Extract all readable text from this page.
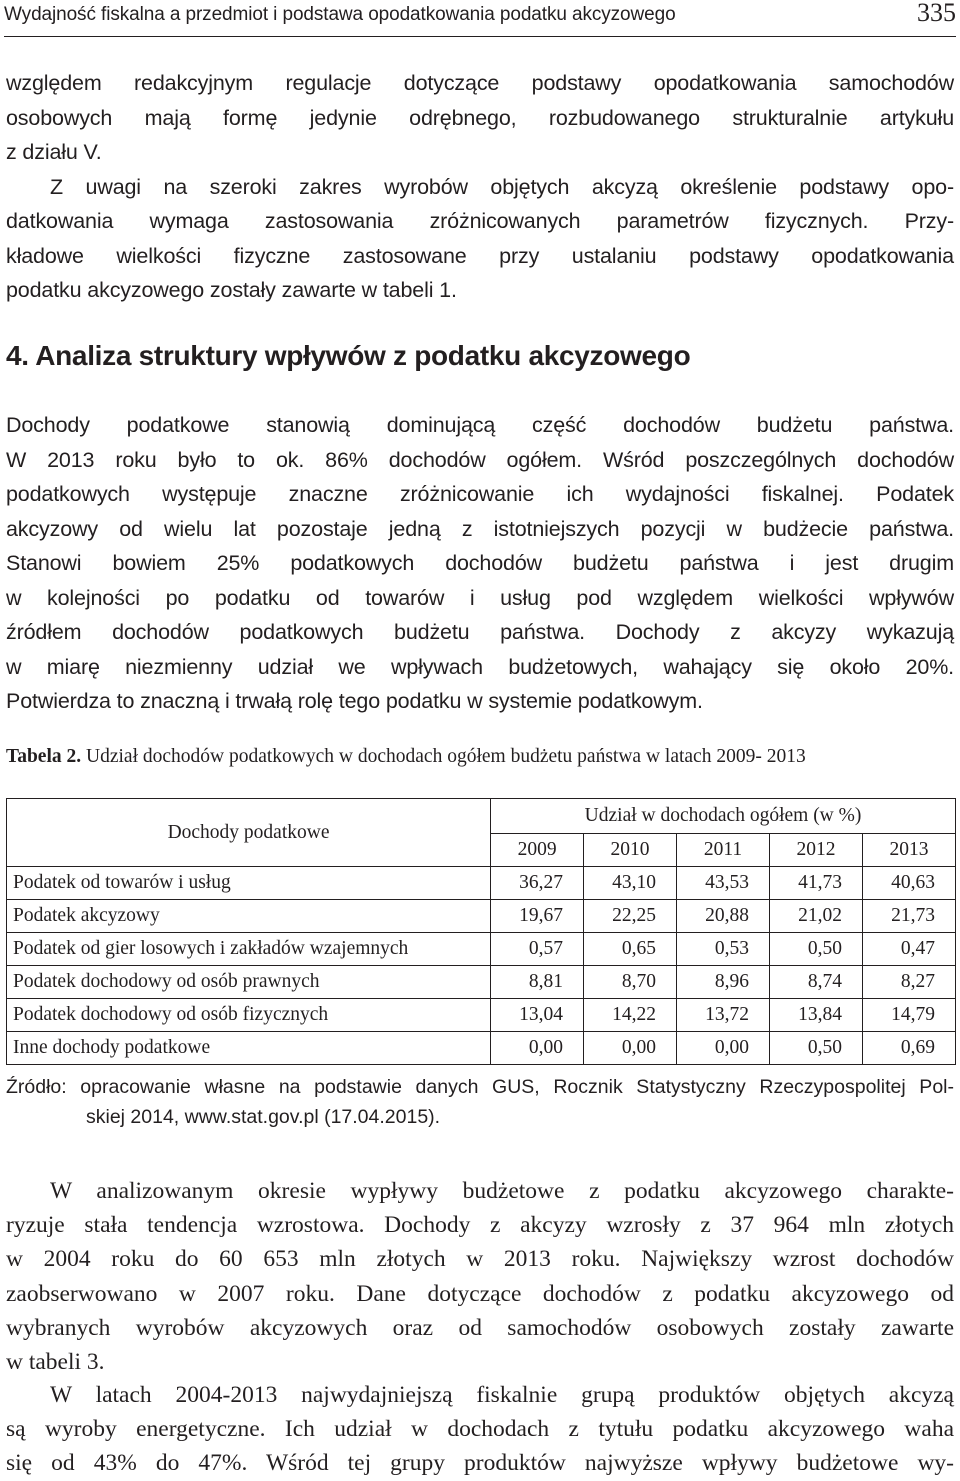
Wydajność fiskalna a przedmiot i podstawa opodatkowania podatku akcyzowego	335
względem redakcyjnym regulacje dotyczące podstawy opodatkowania samochodów
osobowych mają formę jedynie odrębnego, rozbudowanego strukturalnie artykułu
z działu V.
Z uwagi na szeroki zakres wyrobów objętych akcyzą określenie podstawy opo-
datkowania wymaga zastosowania zróżnicowanych parametrów fizycznych. Przy-
kładowe wielkości fizyczne zastosowane przy ustalaniu podstawy opodatkowania
podatku akcyzowego zostały zawarte w tabeli 1.
4. Analiza struktury wpływów z podatku akcyzowego
Dochody podatkowe stanowią dominującą część dochodów budżetu państwa.
W 2013 roku było to ok. 86% dochodów ogółem. Wśród poszczególnych dochodów
podatkowych występuje znaczne zróżnicowanie ich wydajności fiskalnej. Podatek
akcyzowy od wielu lat pozostaje jedną z istotniejszych pozycji w budżecie państwa.
Stanowi bowiem 25% podatkowych dochodów budżetu państwa i jest drugim
w kolejności po podatku od towarów i usług pod względem wielkości wpływów
źródłem dochodów podatkowych budżetu państwa. Dochody z akcyzy wykazują
w miarę niezmienny udział we wpływach budżetowych, wahający się około 20%.
Potwierdza to znaczną i trwałą rolę tego podatku w systemie podatkowym.
Tabela 2. Udział dochodów podatkowych w dochodach ogółem budżetu państwa w latach 2009- 2013
Dochody podatkowe	Udział w dochodach ogółem (w %)				
	2009	2010	2011	2012	2013
Podatek od towarów i usług	36,27	43,10	43,53	41,73	40,63
Podatek akcyzowy	19,67	22,25	20,88	21,02	21,73
Podatek od gier losowych i zakładów wzajemnych	0,57	0,65	0,53	0,50	0,47
Podatek dochodowy od osób prawnych	8,81	8,70	8,96	8,74	8,27
Podatek dochodowy od osób fizycznych	13,04	14,22	13,72	13,84	14,79
Inne dochody podatkowe	0,00	0,00	0,00	0,50	0,69
Źródło: opracowanie własne na podstawie danych GUS, Rocznik Statystyczny Rzeczypospolitej Pol-
skiej 2014, www.stat.gov.pl (17.04.2015).
W analizowanym okresie wypływy budżetowe z podatku akcyzowego charakte-
ryzuje stała tendencja wzrostowa. Dochody z akcyzy wzrosły z 37 964 mln złotych
w 2004 roku do 60 653 mln złotych w 2013 roku. Największy wzrost dochodów
zaobserwowano w 2007 roku. Dane dotyczące dochodów z podatku akcyzowego od
wybranych wyrobów akcyzowych oraz od samochodów osobowych zostały zawarte
w tabeli 3.
W latach 2004-2013 najwydajniejszą fiskalnie grupą produktów objętych akcyzą
są wyroby energetyczne. Ich udział w dochodach z tytułu podatku akcyzowego waha
się od 43% do 47%. Wśród tej grupy produktów najwyższe wpływy budżetowe wy-
